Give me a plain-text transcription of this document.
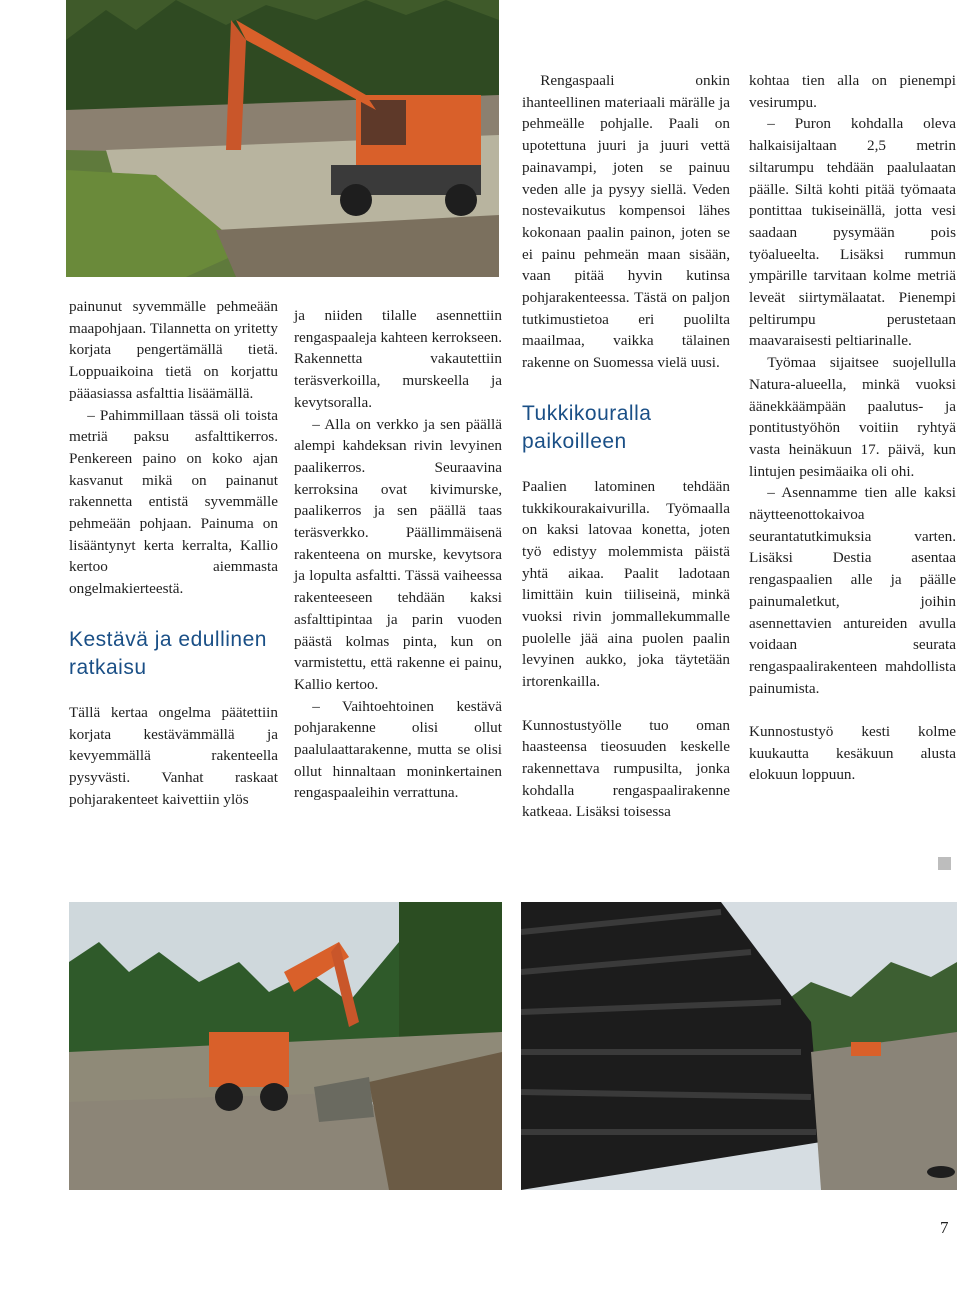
painunut syvemmälle pehmeään maapohjaan. Tilannetta on yritetty korjata pengertämällä tietä. Loppuaikoina tietä on korjattu pääasiassa asfalttia lisäämällä.

– Pahimmillaan tässä oli toista metriä paksu asfalttikerros. Penkereen paino on koko ajan kasvanut mikä on painanut rakennetta entistä syvemmälle pehmeään pohjaan. Painuma on lisääntynyt kerta kerralta, Kallio kertoo aiemmasta ongelmakierteestä.

Kestävä ja edullinen ratkaisu

Tällä kertaa ongelma päätettiin korjata kestävämmällä ja kevyemmällä rakenteella pysyvästi. Vanhat raskaat pohjarakenteet kaivettiin ylös

ja niiden tilalle asennettiin rengaspaaleja kahteen kerrokseen. Rakennetta vakautettiin teräsverkoilla, murskeella ja kevytsoralla.

– Alla on verkko ja sen päällä alempi kahdeksan rivin levyinen paalikerros. Seuraavina kerroksina ovat kivimurske, paalikerros ja sen päällä taas teräsverkko. Päällimmäisenä rakenteena on murske, kevytsora ja lopulta asfaltti. Tässä vaiheessa rakenteeseen tehdään kaksi asfalttipintaa ja parin vuoden päästä kolmas pinta, kun on varmistettu, että rakenne ei painu, Kallio kertoo.

– Vaihtoehtoinen kestävä pohjarakenne olisi ollut paalulaattarakenne, mutta se olisi ollut hinnaltaan moninkertainen rengaspaaleihin verrattuna.

Rengaspaali onkin ihanteellinen materiaali märälle ja pehmeälle pohjalle. Paali on upotettuna juuri ja juuri vettä painavampi, joten se painuu veden alle ja pysyy siellä. Veden nostevaikutus kompensoi lähes kokonaan paalin painon, joten se ei painu pehmeän maan sisään, vaan pitää hyvin kutinsa pohjarakenteessa. Tästä on paljon tutkimustietoa eri puolilta maailmaa, vaikka tälainen rakenne on Suomessa vielä uusi.

Tukkikouralla paikoilleen

Paalien latominen tehdään tukkikourakaivurilla. Työmaalla on kaksi latovaa konetta, joten työ edistyy molemmista päistä yhtä aikaa. Paalit ladotaan limittäin kuin tiiliseinä, minkä vuoksi rivin jommallekummalle puolelle jää aina puolen paalin levyinen aukko, joka täytetään irtorenkailla.

Kunnostustyölle tuo oman haasteensa tieosuuden keskelle rakennettava rumpusilta, jonka kohdalla rengaspaalirakenne katkeaa. Lisäksi toisessa

kohtaa tien alla on pienempi vesirumpu.

– Puron kohdalla oleva halkaisijaltaan 2,5 metrin siltarumpu tehdään paalulaatan päälle. Siltä kohti pitää työmaata pontittaa tukiseinällä, jotta vesi saadaan pysymään pois työalueelta. Lisäksi rummun ympärille tarvitaan kolme metriä leveät siirtymälaatat. Pienempi peltirumpu perustetaan maavaraisesti peltiarinalle.

Työmaa sijaitsee suojellulla Natura-alueella, minkä vuoksi äänekkäämpään paalutus- ja pontitustyöhön voitiin ryhtyä vasta heinäkuun 17. päivä, kun lintujen pesimäaika oli ohi.

– Asennamme tien alle kaksi näytteenottokaivoa seurantatutkimuksia varten. Lisäksi Destia asentaa rengaspaalien alle ja päälle painumaletkut, joihin asennettavien antureiden avulla voidaan seurata rengaspaalirakenteen mahdollista painumista.

Kunnostustyö kesti kolme kuukautta kesäkuun alusta elokuun loppuun.

7
